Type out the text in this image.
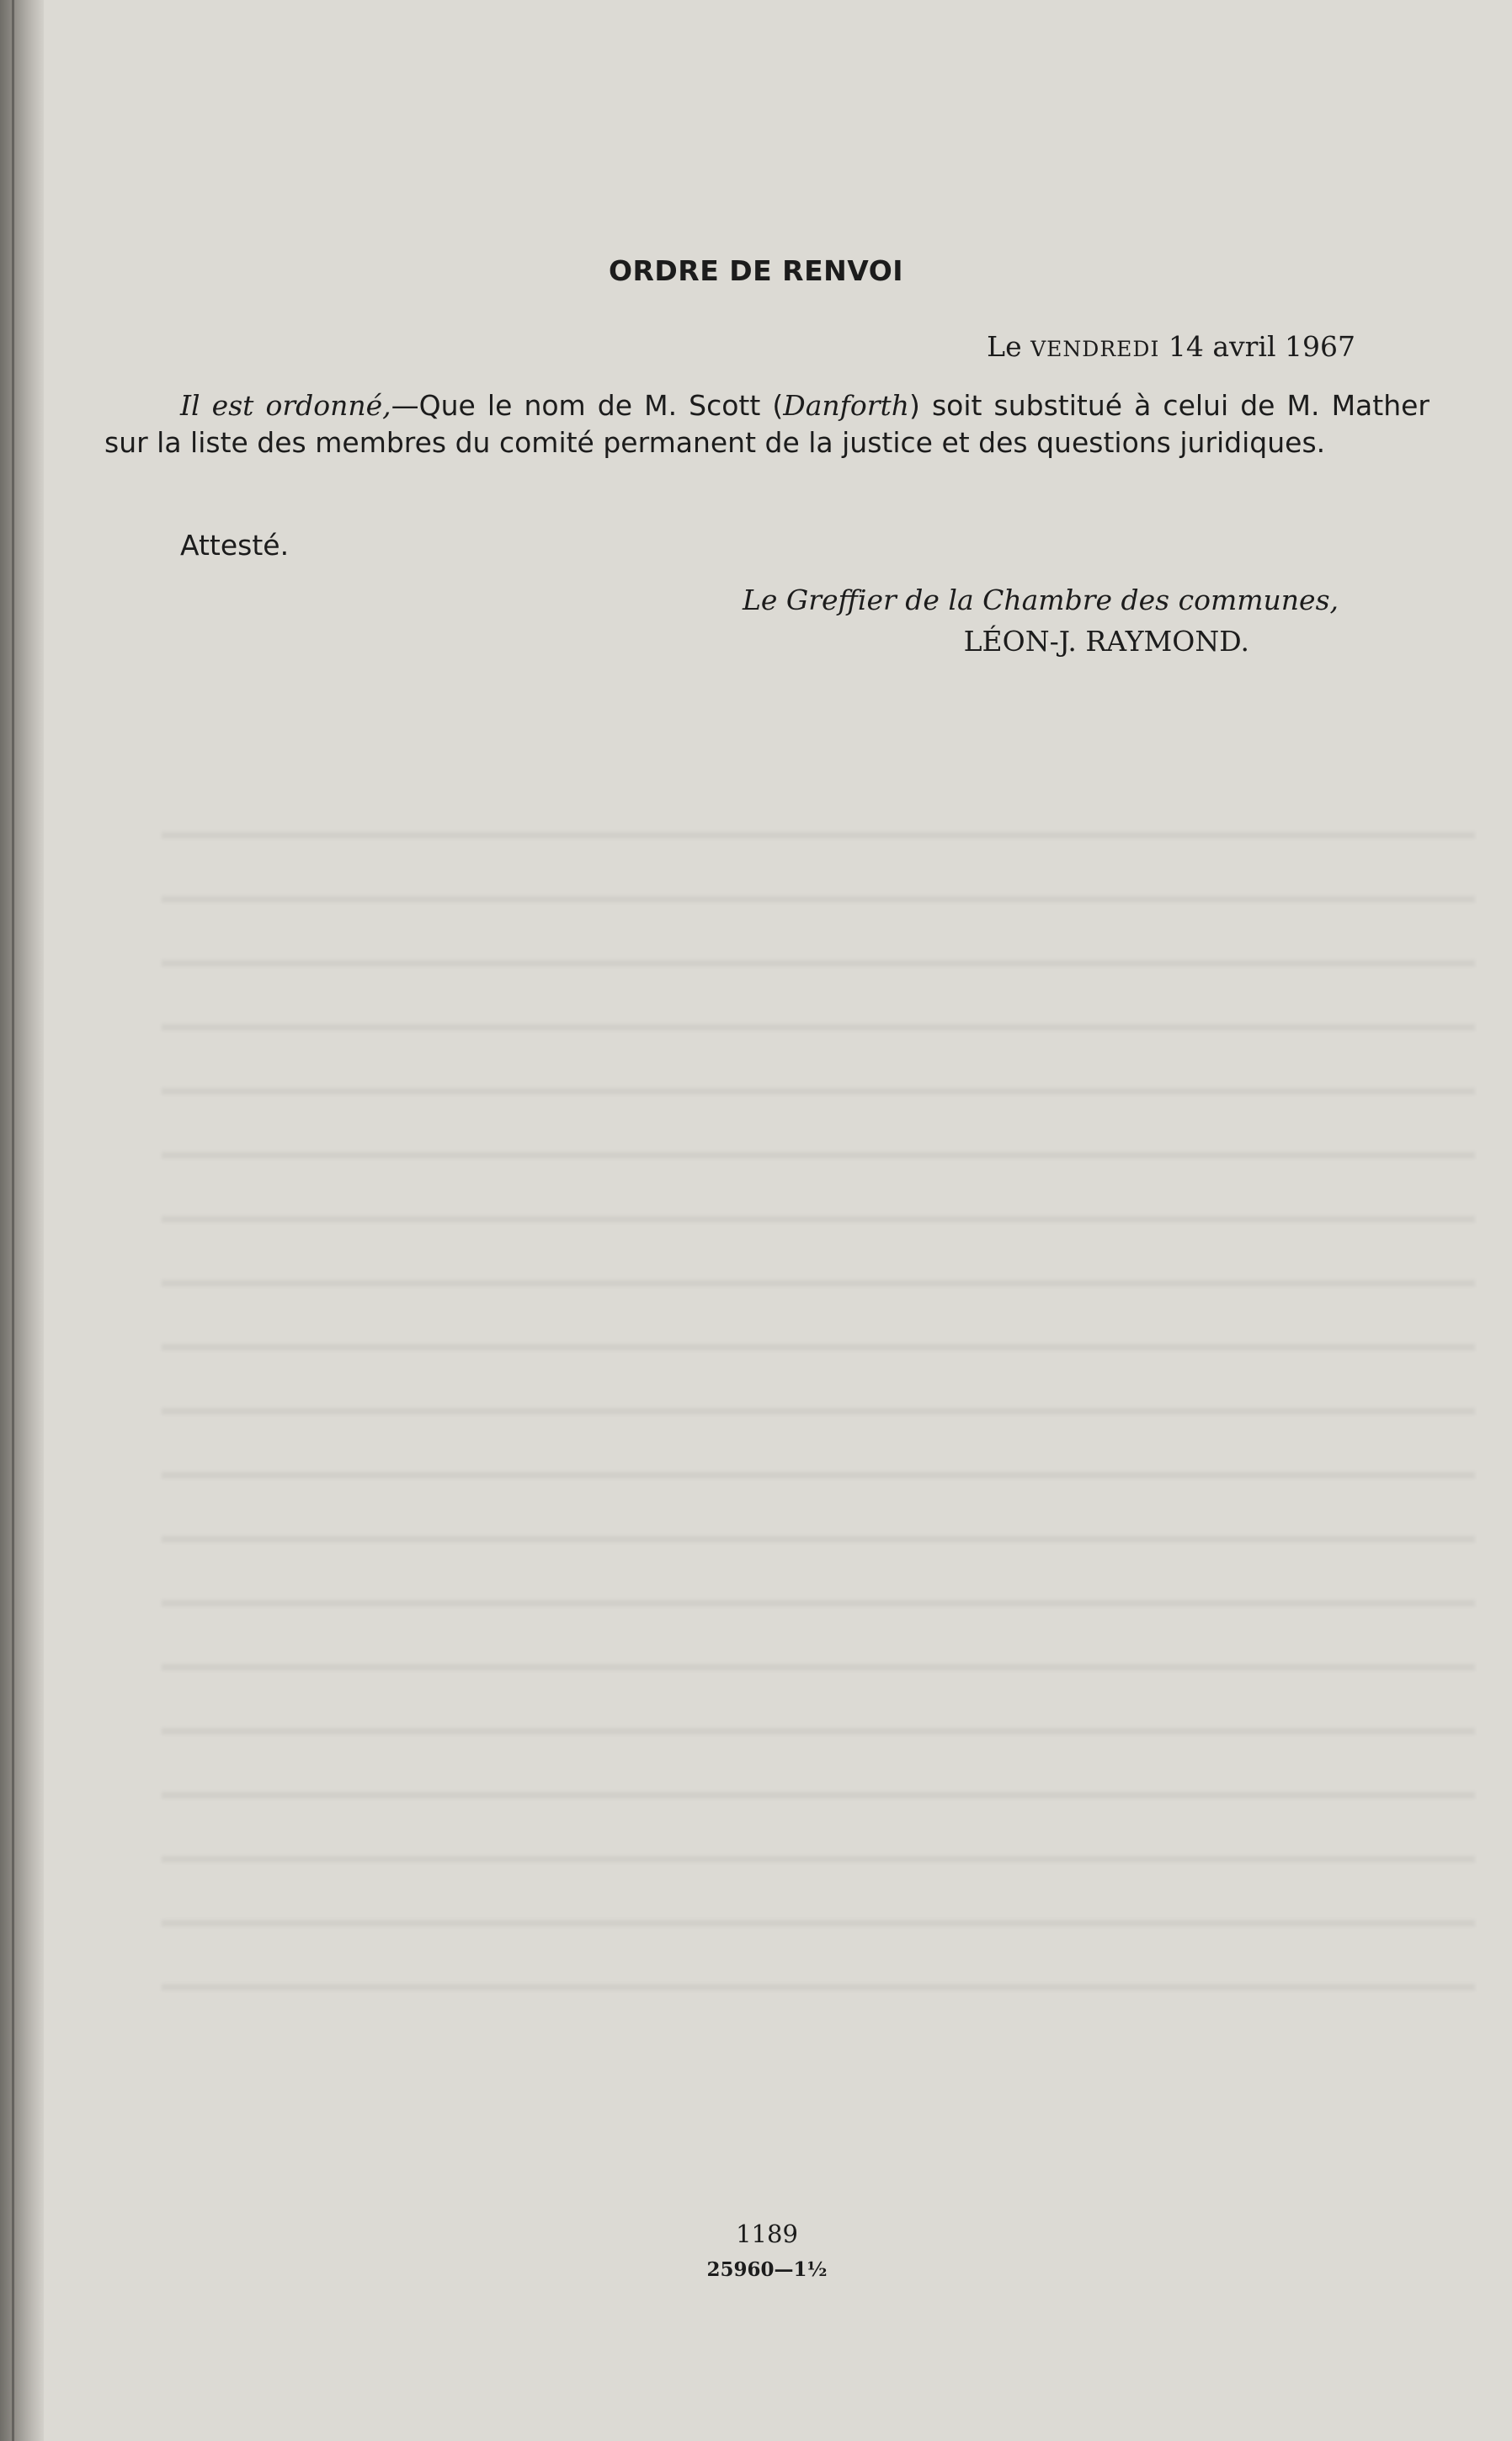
ORDRE DE RENVOI
Le VENDREDI 14 avril 1967

Il est ordonné,—Que le nom de M. Scott (Danforth) soit substitué à celui de M. Mather sur la liste des membres du comité permanent de la justice et des questions juridiques.

Attesté.
Le Greffier de la Chambre des communes,
LÉON-J. RAYMOND.
1189
25960—1½
